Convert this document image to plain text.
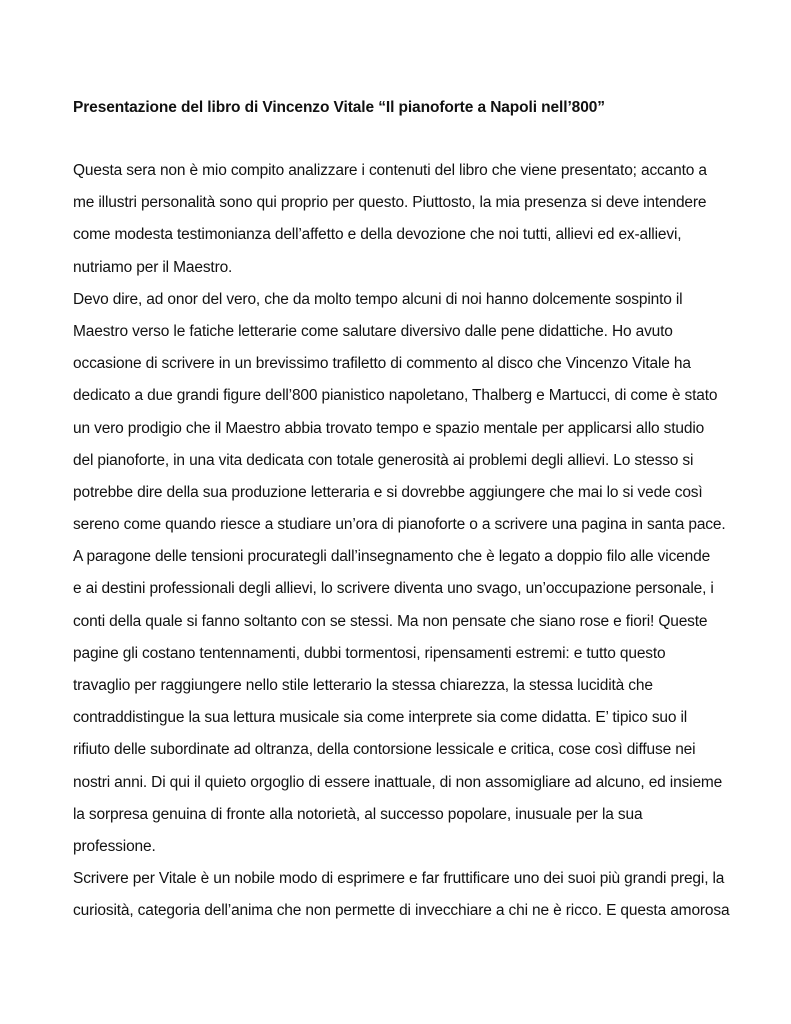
Presentazione del libro di Vincenzo Vitale “Il pianoforte a Napoli nell’800”
Questa sera non è mio compito analizzare i contenuti del libro che viene presentato; accanto a
me illustri personalità sono qui proprio per questo. Piuttosto, la mia presenza si deve intendere
come modesta testimonianza dell’affetto e della devozione che noi tutti, allievi ed ex-allievi,
nutriamo per il Maestro.
Devo dire, ad onor del vero, che da molto tempo alcuni di noi hanno dolcemente sospinto il
Maestro verso le fatiche letterarie come salutare diversivo dalle pene didattiche. Ho avuto
occasione di scrivere in un brevissimo trafiletto di commento al disco che Vincenzo Vitale ha
dedicato a due grandi figure dell’800 pianistico napoletano, Thalberg e Martucci, di come è stato
un vero prodigio che il Maestro abbia trovato tempo e spazio mentale per applicarsi allo studio
del pianoforte, in una vita dedicata con totale generosità ai problemi degli allievi. Lo stesso si
potrebbe dire della sua produzione letteraria e si dovrebbe aggiungere che mai lo si vede così
sereno come quando riesce a studiare un’ora di pianoforte o a scrivere una pagina in santa pace.
A paragone delle tensioni procurategli dall’insegnamento che è legato a doppio filo alle vicende
e ai destini professionali degli allievi, lo scrivere diventa uno svago, un’occupazione personale, i
conti della quale si fanno soltanto con se stessi. Ma non pensate che siano rose e fiori! Queste
pagine gli costano tentennamenti, dubbi tormentosi, ripensamenti estremi: e tutto questo
travaglio per raggiungere nello stile letterario la stessa chiarezza, la stessa lucidità che
contraddistingue la sua lettura musicale sia come interprete sia come didatta. E’ tipico suo il
rifiuto delle subordinate ad oltranza, della contorsione lessicale e critica, cose così diffuse nei
nostri anni. Di qui il quieto orgoglio di essere inattuale, di non assomigliare ad alcuno, ed insieme
la sorpresa genuina di fronte alla notorietà, al successo popolare, inusuale per la sua
professione.
Scrivere per Vitale è un nobile modo di esprimere e far fruttificare uno dei suoi più grandi pregi, la
curiosità, categoria dell’anima che non permette di invecchiare a chi ne è ricco. E questa amorosa
